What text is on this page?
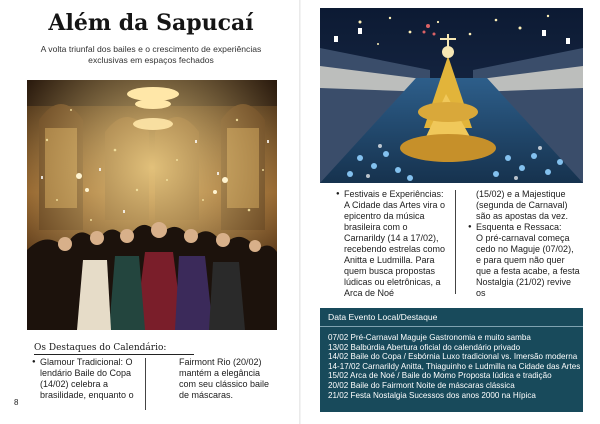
Além da Sapucaí
A volta triunfal dos bailes e o crescimento de experiências exclusivas em espaços fechados
● Festivais e Experiências:
A Cidade das Artes vira o epicentro da música brasileira com o Carnarildy (14 a 17/02), recebendo estrelas como Anitta e Ludmilla. Para quem busca propostas lúdicas ou eletrônicas, a Arca de Noé
(15/02) e a Majestique (segunda de Carnaval) são as apostas da vez.
● Esquenta e Ressaca:
O pré-carnaval começa cedo no Maguje (07/02), e para quem não quer que a festa acabe, a festa Nostalgia (21/02) revive os
Data Evento Local/Destaque
07/02 Pré-Carnaval Maguje Gastronomia e muito samba
13/02 Balbúrdia Abertura oficial do calendário privado
14/02 Baile do Copa / Esbórnia Luxo tradicional vs. Imersão moderna
14-17/02 Carnarildy Anitta, Thiaguinho e Ludmilla na Cidade das Artes
15/02 Arca de Noé / Baile do Momo Proposta lúdica e tradição
20/02 Baile do Fairmont Noite de máscaras clássica
21/02 Festa Nostalgia Sucessos dos anos 2000 na Hípica
Os Destaques do Calendário:
● Glamour Tradicional: O
lendário Baile do Copa (14/02) celebra a brasilidade, enquanto o
Fairmont Rio (20/02) mantém a elegância com seu clássico baile de máscaras.
8
